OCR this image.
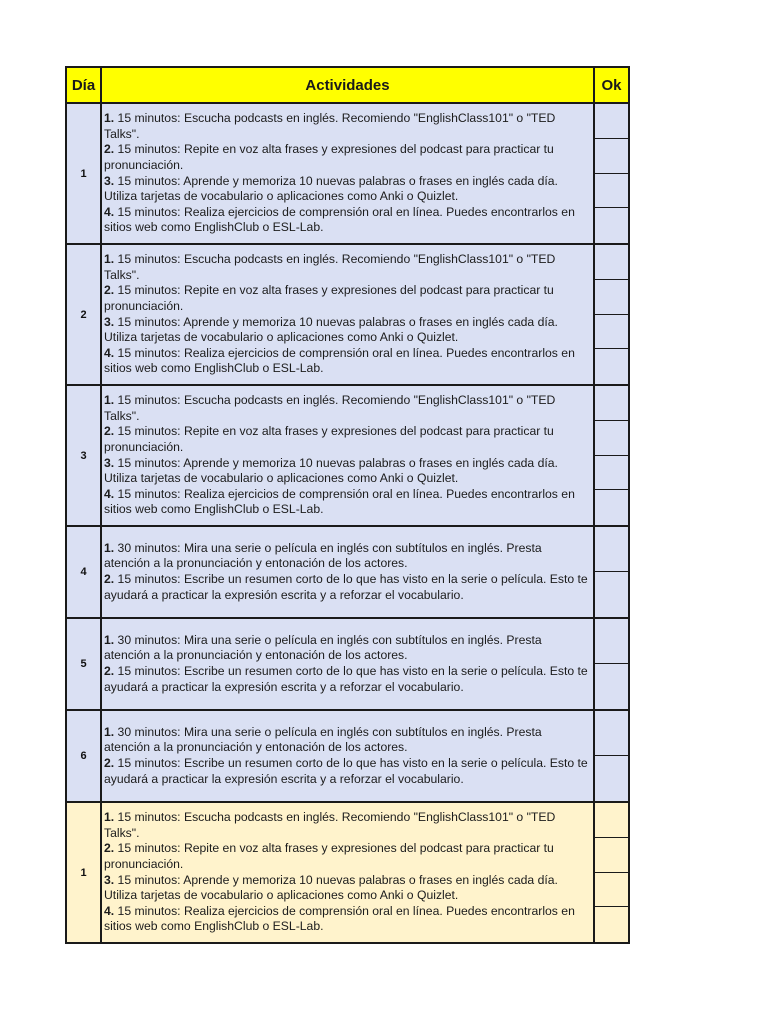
Día	Actividades	Ok
1	1. 15 minutos: Escucha podcasts en inglés. Recomiendo "EnglishClass101" o "TED Talks".
2. 15 minutos: Repite en voz alta frases y expresiones del podcast para practicar tu pronunciación.
3. 15 minutos: Aprende y memoriza 10 nuevas palabras o frases en inglés cada día. Utiliza tarjetas de vocabulario o aplicaciones como Anki o Quizlet.
4. 15 minutos: Realiza ejercicios de comprensión oral en línea. Puedes encontrarlos en sitios web como EnglishClub o ESL-Lab.	

2	1. 15 minutos: Escucha podcasts en inglés. Recomiendo "EnglishClass101" o "TED Talks".
2. 15 minutos: Repite en voz alta frases y expresiones del podcast para practicar tu pronunciación.
3. 15 minutos: Aprende y memoriza 10 nuevas palabras o frases en inglés cada día. Utiliza tarjetas de vocabulario o aplicaciones como Anki o Quizlet.
4. 15 minutos: Realiza ejercicios de comprensión oral en línea. Puedes encontrarlos en sitios web como EnglishClub o ESL-Lab.	

3	1. 15 minutos: Escucha podcasts en inglés. Recomiendo "EnglishClass101" o "TED Talks".
2. 15 minutos: Repite en voz alta frases y expresiones del podcast para practicar tu pronunciación.
3. 15 minutos: Aprende y memoriza 10 nuevas palabras o frases en inglés cada día. Utiliza tarjetas de vocabulario o aplicaciones como Anki o Quizlet.
4. 15 minutos: Realiza ejercicios de comprensión oral en línea. Puedes encontrarlos en sitios web como EnglishClub o ESL-Lab.	

4	1. 30 minutos: Mira una serie o película en inglés con subtítulos en inglés. Presta atención a la pronunciación y entonación de los actores.
2. 15 minutos: Escribe un resumen corto de lo que has visto en la serie o película. Esto te ayudará a practicar la expresión escrita y a reforzar el vocabulario.	

5	1. 30 minutos: Mira una serie o película en inglés con subtítulos en inglés. Presta atención a la pronunciación y entonación de los actores.
2. 15 minutos: Escribe un resumen corto de lo que has visto en la serie o película. Esto te ayudará a practicar la expresión escrita y a reforzar el vocabulario.	

6	1. 30 minutos: Mira una serie o película en inglés con subtítulos en inglés. Presta atención a la pronunciación y entonación de los actores.
2. 15 minutos: Escribe un resumen corto de lo que has visto en la serie o película. Esto te ayudará a practicar la expresión escrita y a reforzar el vocabulario.	

1	1. 15 minutos: Escucha podcasts en inglés. Recomiendo "EnglishClass101" o "TED Talks".
2. 15 minutos: Repite en voz alta frases y expresiones del podcast para practicar tu pronunciación.
3. 15 minutos: Aprende y memoriza 10 nuevas palabras o frases en inglés cada día. Utiliza tarjetas de vocabulario o aplicaciones como Anki o Quizlet.
4. 15 minutos: Realiza ejercicios de comprensión oral en línea. Puedes encontrarlos en sitios web como EnglishClub o ESL-Lab.	
